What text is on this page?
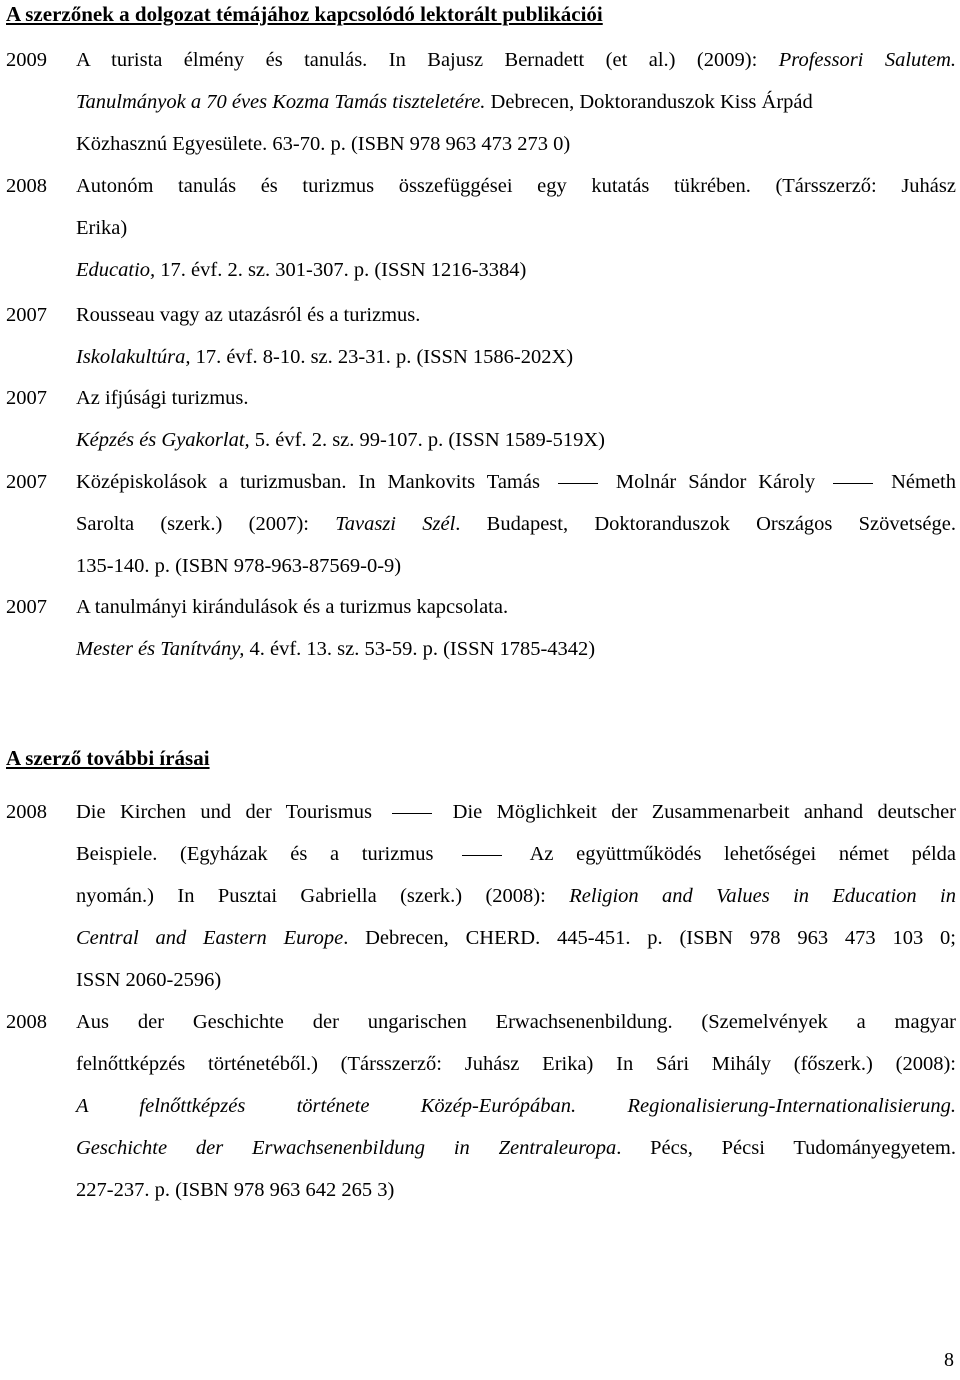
A szerzőnek a dolgozat témájához kapcsolódó lektorált publikációi
2009 A turista élmény és tanulás. In Bajusz Bernadett (et al.) (2009): Professori Salutem.
Tanulmányok a 70 éves Kozma Tamás tiszteletére. Debrecen, Doktoranduszok Kiss Árpád
Közhasznú Egyesülete. 63-70. p. (ISBN 978 963 473 273 0)
2008 Autonóm tanulás és turizmus összefüggései egy kutatás tükrében. (Társszerző: Juhász
Erika)
Educatio, 17. évf. 2. sz. 301-307. p. (ISSN 1216-3384)
2007 Rousseau vagy az utazásról és a turizmus.
Iskolakultúra, 17. évf. 8-10. sz. 23-31. p. (ISSN 1586-202X)
2007 Az ifjúsági turizmus.
Képzés és Gyakorlat, 5. évf. 2. sz. 99-107. p. (ISSN 1589-519X)
2007 Középiskolások a turizmusban. In Mankovits Tamás	Molnár Sándor Károly	Németh
Sarolta (szerk.) (2007): Tavaszi Szél. Budapest, Doktoranduszok Országos Szövetsége.
135-140. p. (ISBN 978-963-87569-0-9)
2007 A tanulmányi kirándulások és a turizmus kapcsolata.
Mester és Tanítvány, 4. évf. 13. sz. 53-59. p. (ISSN 1785-4342)
A szerző további írásai
2008 Die Kirchen und der Tourismus	Die Möglichkeit der Zusammenarbeit anhand deutscher
Beispiele. (Egyházak és a turizmus	Az együttműködés lehetőségei német példa
nyomán.) In Pusztai Gabriella (szerk.) (2008): Religion and Values in Education in
Central and Eastern Europe. Debrecen, CHERD. 445-451. p. (ISBN 978 963 473 103 0;
ISSN 2060-2596)
2008 Aus der Geschichte der ungarischen Erwachsenenbildung. (Szemelvények a magyar
felnőttképzés történetéből.) (Társszerző: Juhász Erika) In Sári Mihály (főszerk.) (2008):
A felnőttképzés története Közép-Európában. Regionalisierung-Internationalisierung.
Geschichte der Erwachsenenbildung in Zentraleuropa. Pécs, Pécsi Tudományegyetem.
227-237. p. (ISBN 978 963 642 265 3)
8
